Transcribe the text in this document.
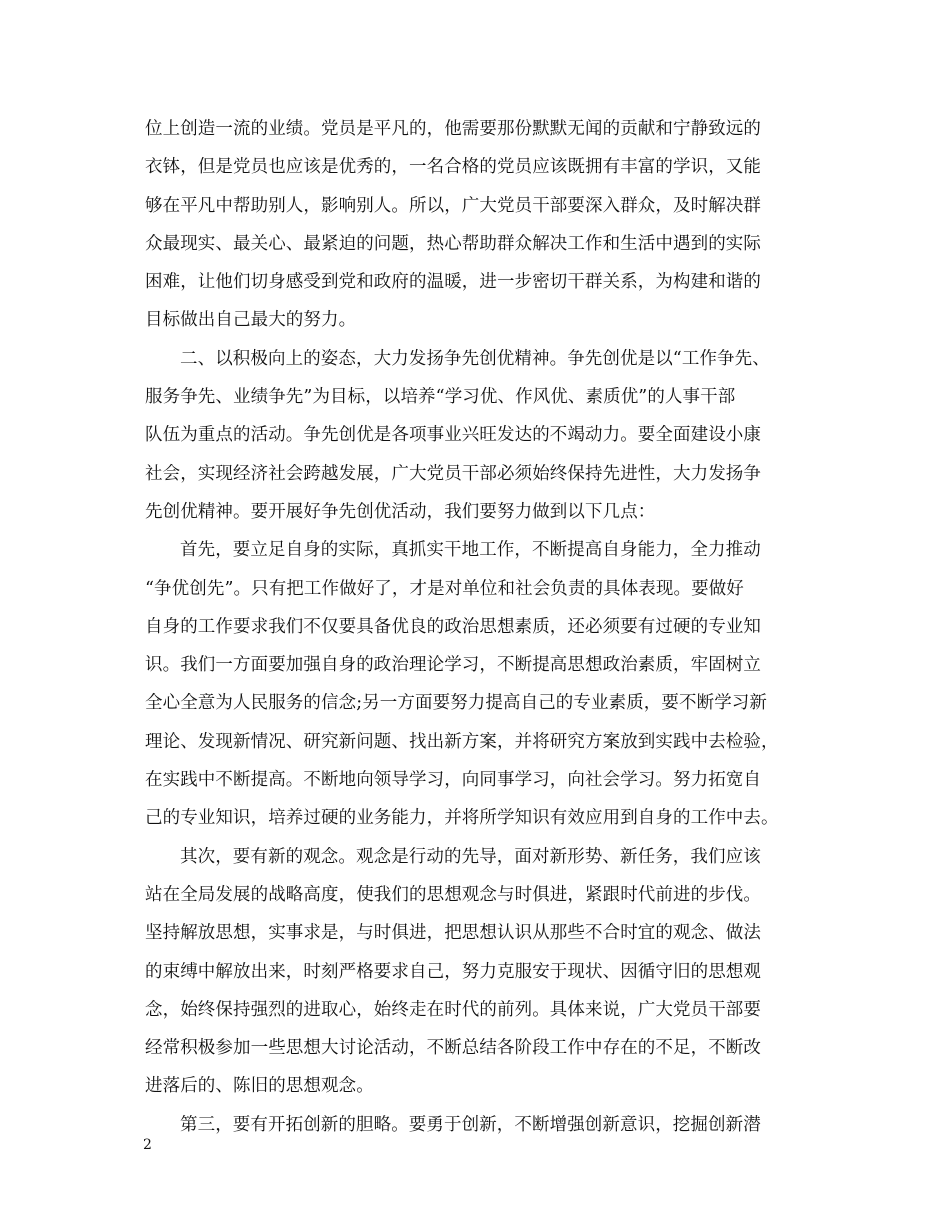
位上创造一流的业绩。党员是平凡的，他需要那份默默无闻的贡献和宁静致远的
衣钵，但是党员也应该是优秀的，一名合格的党员应该既拥有丰富的学识，又能
够在平凡中帮助别人，影响别人。所以，广大党员干部要深入群众，及时解决群
众最现实、最关心、最紧迫的问题，热心帮助群众解决工作和生活中遇到的实际
困难，让他们切身感受到党和政府的温暖，进一步密切干群关系，为构建和谐的
目标做出自己最大的努力。
二、以积极向上的姿态，大力发扬争先创优精神。争先创优是以“工作争先、
服务争先、业绩争先”为目标，以培养“学习优、作风优、素质优”的人事干部
队伍为重点的活动。争先创优是各项事业兴旺发达的不竭动力。要全面建设小康
社会，实现经济社会跨越发展，广大党员干部必须始终保持先进性，大力发扬争
先创优精神。要开展好争先创优活动，我们要努力做到以下几点：
首先，要立足自身的实际，真抓实干地工作，不断提高自身能力，全力推动
“争优创先”。只有把工作做好了，才是对单位和社会负责的具体表现。要做好
自身的工作要求我们不仅要具备优良的政治思想素质，还必须要有过硬的专业知
识。我们一方面要加强自身的政治理论学习，不断提高思想政治素质，牢固树立
全心全意为人民服务的信念;另一方面要努力提高自己的专业素质，要不断学习新
理论、发现新情况、研究新问题、找出新方案，并将研究方案放到实践中去检验，
在实践中不断提高。不断地向领导学习，向同事学习，向社会学习。努力拓宽自
己的专业知识，培养过硬的业务能力，并将所学知识有效应用到自身的工作中去。
其次，要有新的观念。观念是行动的先导，面对新形势、新任务，我们应该
站在全局发展的战略高度，使我们的思想观念与时俱进，紧跟时代前进的步伐。
坚持解放思想，实事求是，与时俱进，把思想认识从那些不合时宜的观念、做法
的束缚中解放出来，时刻严格要求自己，努力克服安于现状、因循守旧的思想观
念，始终保持强烈的进取心，始终走在时代的前列。具体来说，广大党员干部要
经常积极参加一些思想大讨论活动，不断总结各阶段工作中存在的不足，不断改
进落后的、陈旧的思想观念。
第三，要有开拓创新的胆略。要勇于创新，不断增强创新意识，挖掘创新潜
2
